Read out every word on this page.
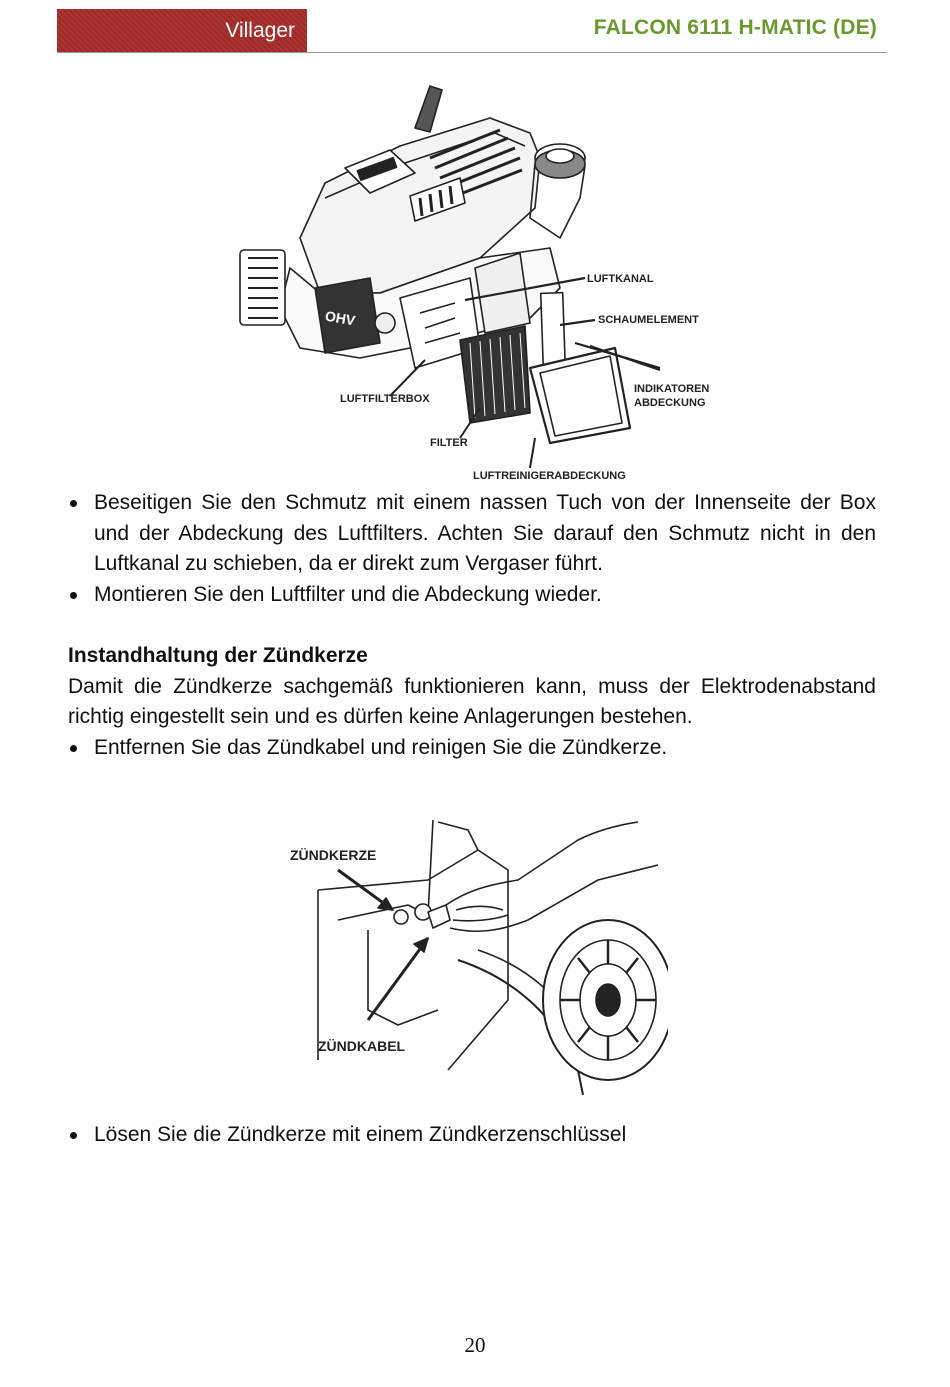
Villager	FALCON 6111 H-MATIC (DE)
OHV
LUFTKANAL
SCHAUMELEMENT
INDIKATOREN
ABDECKUNG
LUFTFILTERBOX
FILTER
LUFTREINIGERABDECKUNG
Beseitigen Sie den Schmutz mit einem nassen Tuch von der Innenseite der Box und der Abdeckung des Luftfilters. Achten Sie darauf den Schmutz nicht in den Luftkanal zu schieben, da er direkt zum Vergaser führt.
Montieren Sie den Luftfilter und die Abdeckung wieder.

Instandhaltung der Zündkerze

Damit die Zündkerze sachgemäß funktionieren kann, muss der Elektrodenabstand richtig eingestellt sein und es dürfen keine Anlagerungen bestehen.

Entfernen Sie das Zündkabel und reinigen Sie die Zündkerze.
ZÜNDKERZE
ZÜNDKABEL
Lösen Sie die Zündkerze mit einem Zündkerzenschlüssel
20
